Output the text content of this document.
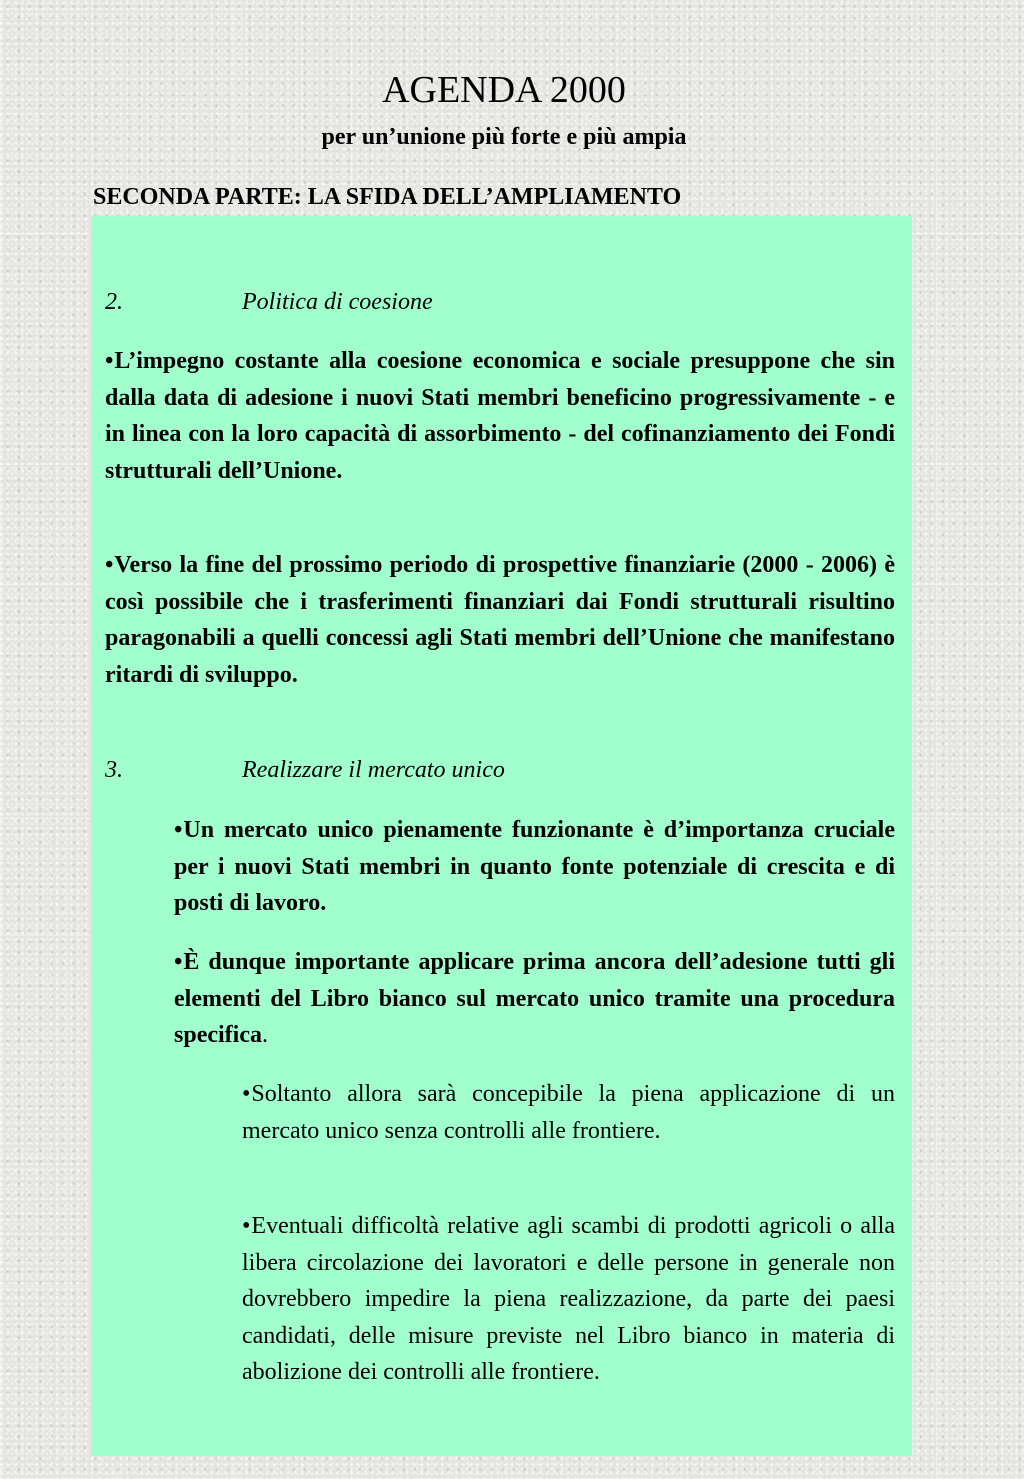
AGENDA 2000
per un’unione più forte e più ampia
SECONDA PARTE: LA SFIDA DELL’AMPLIAMENTO
2.	Politica di coesione
•L’impegno costante alla coesione economica e sociale presuppone che sin dalla data di adesione i nuovi Stati membri beneficino progressivamente - e in linea con la loro capacità di assorbimento - del cofinanziamento dei Fondi strutturali dell’Unione.
•Verso la fine del prossimo periodo di prospettive finanziarie (2000 - 2006) è così possibile che i trasferimenti finanziari dai Fondi strutturali risultino paragonabili a quelli concessi agli Stati membri dell’Unione che manifestano ritardi di sviluppo.
3.	Realizzare il mercato unico
•Un mercato unico pienamente funzionante è d’importanza cruciale per i nuovi Stati membri in quanto fonte potenziale di crescita e di posti di lavoro.
•È dunque importante applicare prima ancora dell’adesione tutti gli elementi del Libro bianco sul mercato unico tramite una procedura specifica.
•Soltanto allora sarà concepibile la piena applicazione di un mercato unico senza controlli alle frontiere.
•Eventuali difficoltà relative agli scambi di prodotti agricoli o alla libera circolazione dei lavoratori e delle persone in generale non dovrebbero impedire la piena realizzazione, da parte dei paesi candidati, delle misure previste nel Libro bianco in materia di abolizione dei controlli alle frontiere.
